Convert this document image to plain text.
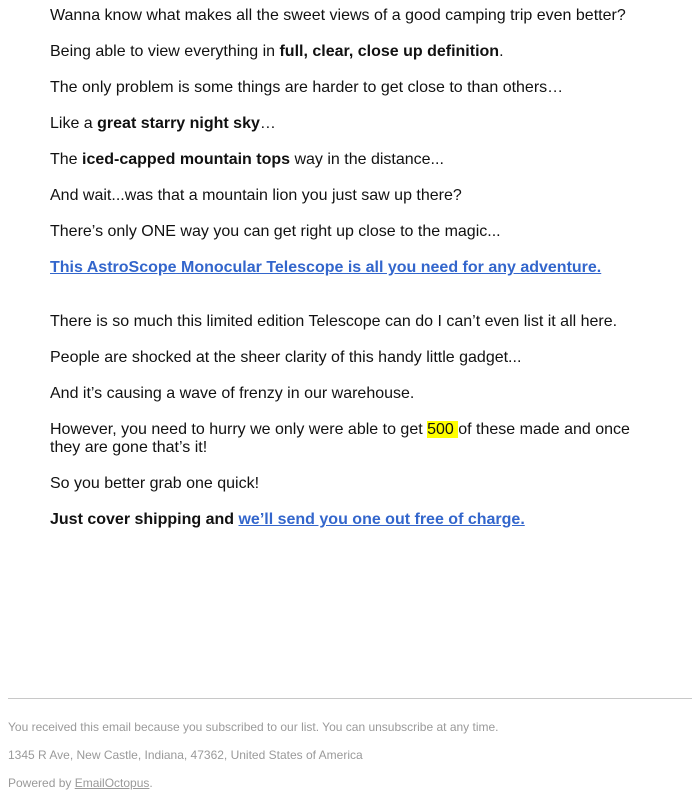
Wanna know what makes all the sweet views of a good camping trip even better?

Being able to view everything in full, clear, close up definition.

The only problem is some things are harder to get close to than others…

Like a great starry night sky…

The iced-capped mountain tops way in the distance...

And wait...was that a mountain lion you just saw up there?

There’s only ONE way you can get right up close to the magic...

This AstroScope Monocular Telescope is all you need for any adventure.

There is so much this limited edition Telescope can do I can’t even list it all here.

People are shocked at the sheer clarity of this handy little gadget...

And it’s causing a wave of frenzy in our warehouse.

However, you need to hurry we only were able to get 500 of these made and once they are gone that’s it!

So you better grab one quick!

Just cover shipping and we’ll send you one out free of charge.

You received this email because you subscribed to our list. You can unsubscribe at any time.

1345 R Ave, New Castle, Indiana, 47362, United States of America

Powered by EmailOctopus.
